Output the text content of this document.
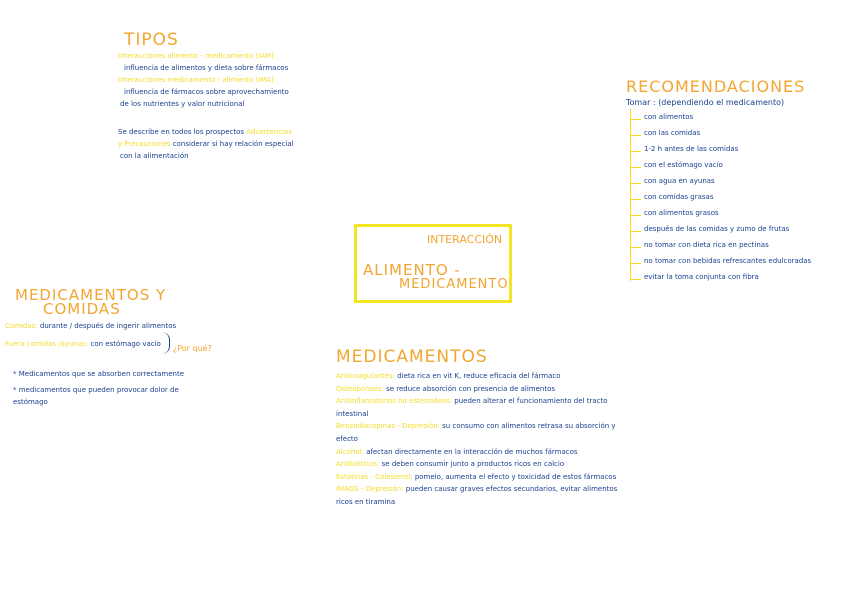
TIPOS
Interacciones alimento - medicamento (IAM)
influencia de alimentos y dieta sobre fármacos
Interacciones medicamento - alimento (IMA)
influencia de fármacos sobre aprovechamiento
de los nutrientes y valor nutricional
Se describe en todos los prospectos Advertencias
y Precauciones considerar si hay relación especial
con la alimentación
INTERACCIÓN
ALIMENTO -
MEDICAMENTO
RECOMENDACIONES
Tomar : (dependiendo el medicamento)
con alimentos
con las comidas
1-2 h antes de las comidas
con el estómago vacío
con agua en ayunas
con comidas grasas
con alimentos grasos
después de las comidas y zumo de frutas
no tomar con dieta rica en pectinas
no tomar con bebidas refrescantes edulcoradas
evitar la toma conjunta con fibra
MEDICAMENTOS Y
COMIDAS
Comidas: durante / después de ingerir alimentos
Fuera comidas /ayunas: con estómago vacío	¿Por qué?
* Medicamentos que se absorben correctamente
* medicamentos que pueden provocar dolor de
estómago
MEDICAMENTOS
Anticoagulantes: dieta rica en vit K, reduce eficacia del fármaco
Osteoporosis: se reduce absorción con presencia de alimentos
Antiinflamatorios no esteroideos: pueden alterar el funcionamiento del tracto intestinal
Benzodiacepinas - Depresión: su consumo con alimentos retrasa su absorción y efecto
Alcohol: afectan directamente en la interacción de muchos fármacos
Antibióticos: se deben consumir junto a productos ricos en calcio
Estatinas - Colesterol: pomelo, aumenta el efecto y toxicidad de estos fármacos
IMAOS - Depresión: pueden causar graves efectos secundarios, evitar alimentos ricos en tiramina
